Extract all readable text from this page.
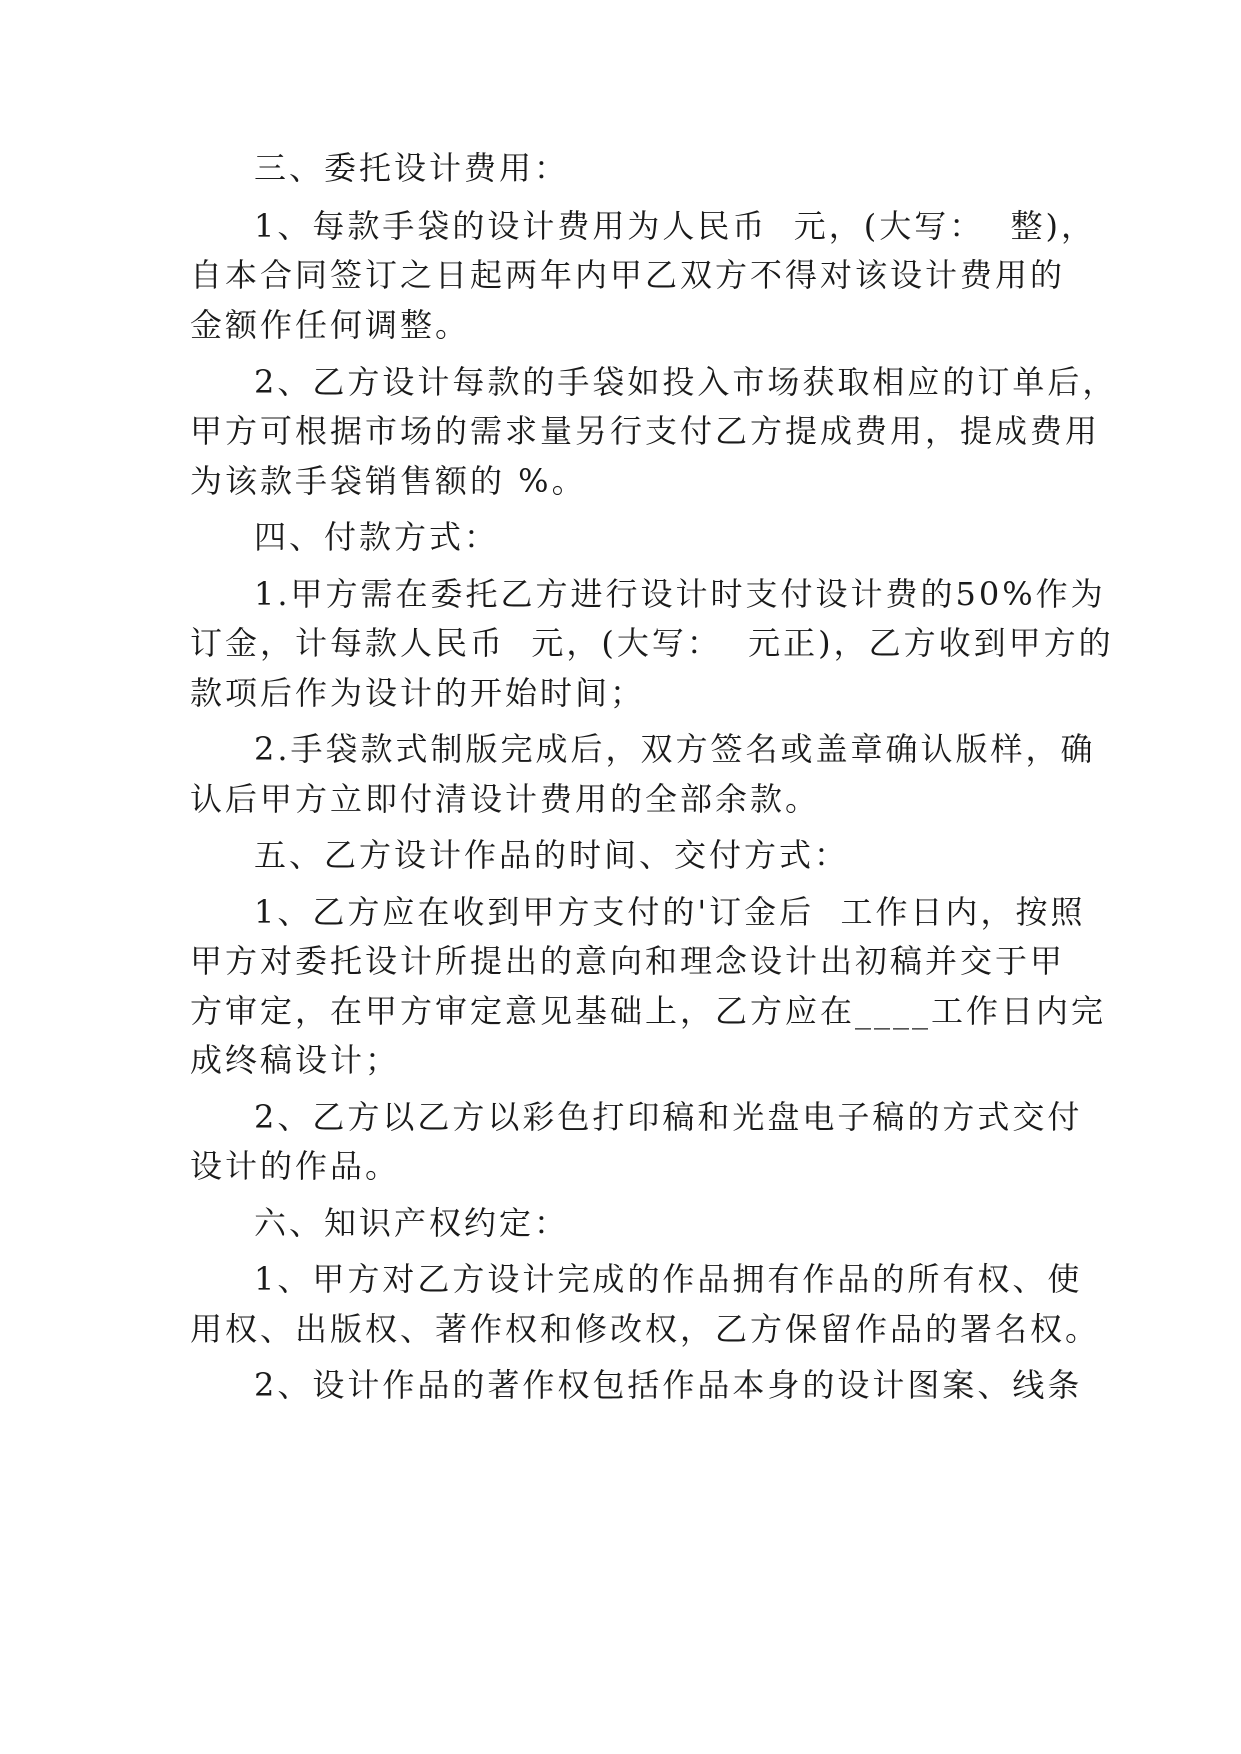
三、委托设计费用：
1、每款手袋的设计费用为人民币  元，(大写：  整)，
自本合同签订之日起两年内甲乙双方不得对该设计费用的
金额作任何调整。
2、乙方设计每款的手袋如投入市场获取相应的订单后，
甲方可根据市场的需求量另行支付乙方提成费用，提成费用
为该款手袋销售额的 %。
四、付款方式：
1.甲方需在委托乙方进行设计时支付设计费的50%作为
订金，计每款人民币  元，(大写：  元正)，乙方收到甲方的
款项后作为设计的开始时间；
2.手袋款式制版完成后，双方签名或盖章确认版样，确
认后甲方立即付清设计费用的全部余款。
五、乙方设计作品的时间、交付方式：
1、乙方应在收到甲方支付的'订金后  工作日内，按照
甲方对委托设计所提出的意向和理念设计出初稿并交于甲
方审定，在甲方审定意见基础上，乙方应在____工作日内完
成终稿设计；
2、乙方以乙方以彩色打印稿和光盘电子稿的方式交付
设计的作品。
六、知识产权约定：
1、甲方对乙方设计完成的作品拥有作品的所有权、使
用权、出版权、著作权和修改权，乙方保留作品的署名权。
2、设计作品的著作权包括作品本身的设计图案、线条
